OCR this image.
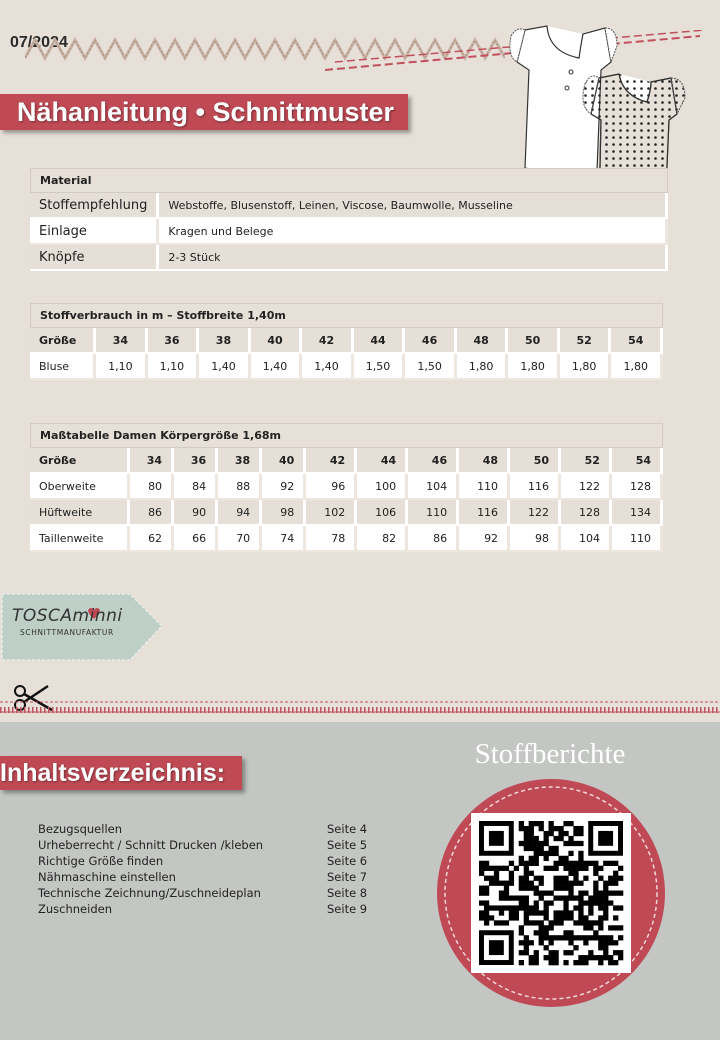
07/2024
Nähanleitung • Schnittmuster
Material	
Stoffempfehlung	Webstoffe, Blusenstoff, Leinen, Viscose, Baumwolle, Musseline
Einlage	Kragen und Belege
Knöpfe	2-3 Stück
Stoffverbrauch in m – Stoffbreite 1,40m											
Größe	34	36	38	40	42	44	46	48	50	52	54
Bluse	1,10	1,10	1,40	1,40	1,40	1,50	1,50	1,80	1,80	1,80	1,80
Maßtabelle Damen Körpergröße 1,68m											
Größe	34	36	38	40	42	44	46	48	50	52	54
Oberweite	80	84	88	92	96	100	104	110	116	122	128
Hüftweite	86	90	94	98	102	106	110	116	122	128	134
Taillenweite	62	66	70	74	78	82	86	92	98	104	110
TOSCAminni
SCHNITTMANUFAKTUR
Inhaltsverzeichnis:
Bezugsquellen	Seite 4
Urheberrecht / Schnitt Drucken /kleben	Seite 5
Richtige Größe finden	Seite 6
Nähmaschine einstellen	Seite 7
Technische Zeichnung/Zuschneideplan	Seite 8
Zuschneiden	Seite 9
Stoffberichte
